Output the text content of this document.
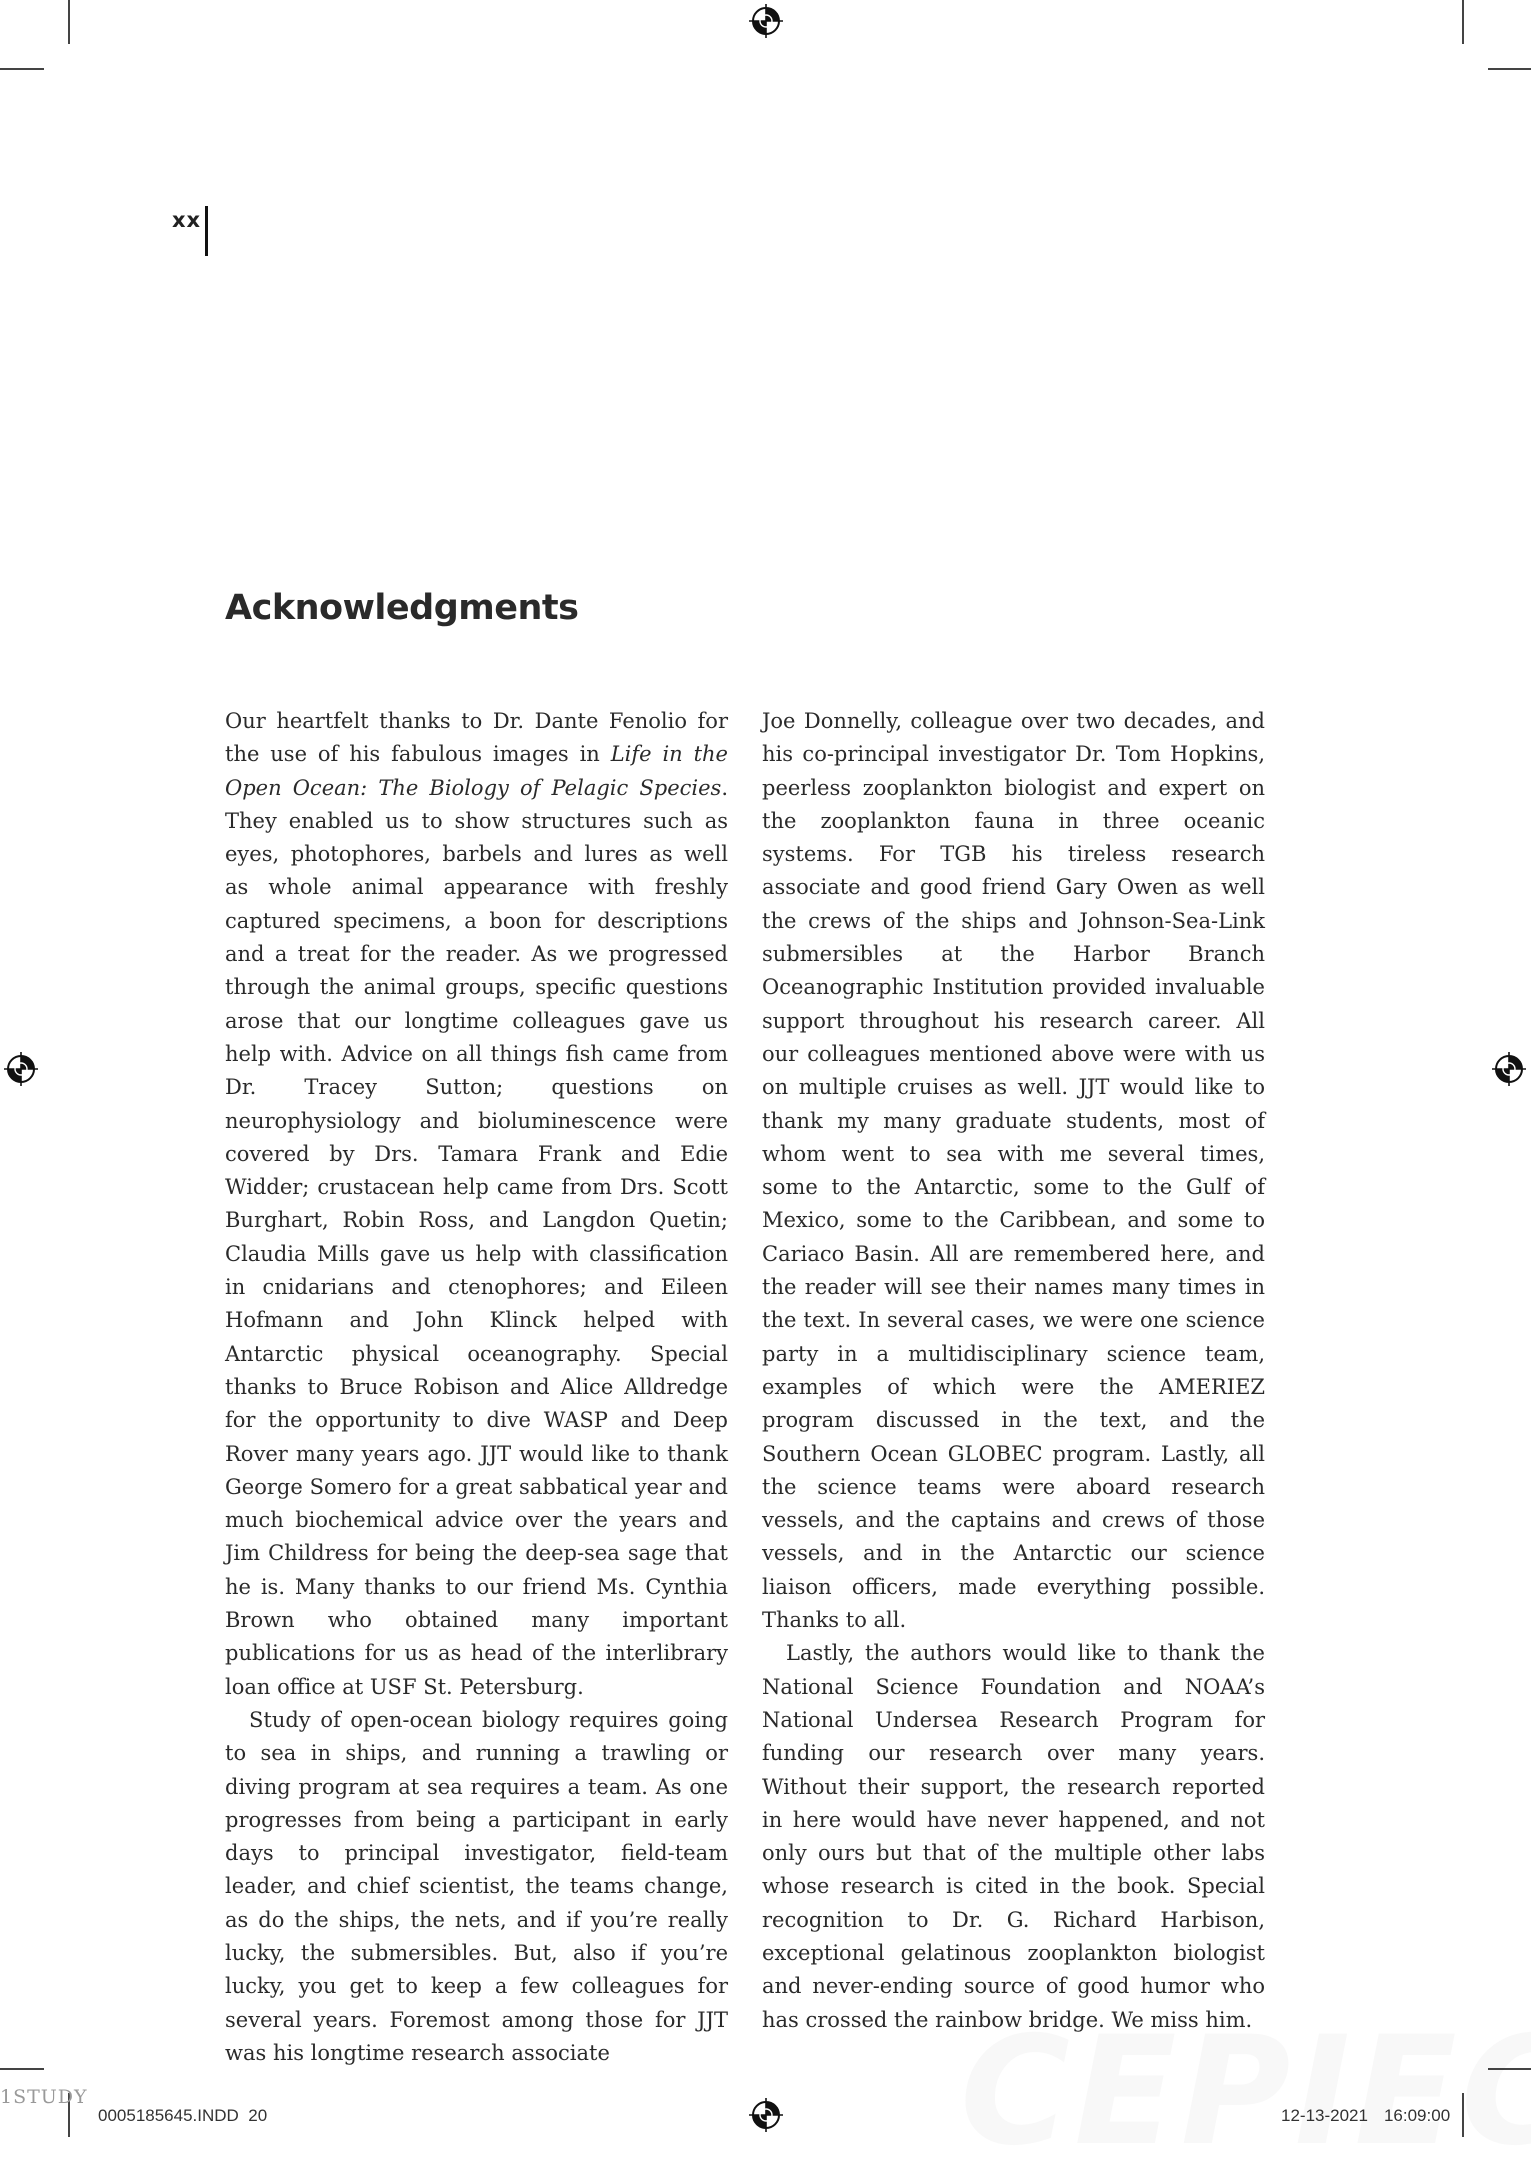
xx
Acknowledgments

Our heartfelt thanks to Dr. Dante Fenolio for the use of his fabulous images in Life in the Open Ocean: The Biology of Pelagic Species. They enabled us to show structures such as eyes, photophores, barbels and lures as well as whole animal appearance with freshly captured specimens, a boon for descriptions and a treat for the reader. As we progressed through the animal groups, specific questions arose that our longtime colleagues gave us help with. Advice on all things fish came from Dr. Tracey Sutton; questions on neurophysiology and bioluminescence were covered by Drs. Tamara Frank and Edie Widder; crustacean help came from Drs. Scott Burghart, Robin Ross, and Langdon Quetin; Claudia Mills gave us help with classification in cnidarians and ctenophores; and Eileen Hofmann and John Klinck helped with Antarctic physical oceanography. Special thanks to Bruce Robison and Alice Alldredge for the opportunity to dive WASP and Deep Rover many years ago. JJT would like to thank George Somero for a great sabbatical year and much biochemical advice over the years and Jim Childress for being the deep-sea sage that he is. Many thanks to our friend Ms. Cynthia Brown who obtained many important publications for us as head of the interlibrary loan office at USF St. Petersburg.

Study of open-ocean biology requires going to sea in ships, and running a trawling or diving program at sea requires a team. As one progresses from being a participant in early days to principal investigator, field-team leader, and chief scientist, the teams change, as do the ships, the nets, and if you’re really lucky, the submersibles. But, also if you’re lucky, you get to keep a few colleagues for several years. Foremost among those for JJT was his longtime research associate

Joe Donnelly, colleague over two decades, and his co-principal investigator Dr. Tom Hopkins, peerless zooplankton biologist and expert on the zooplankton fauna in three oceanic systems. For TGB his tireless research associate and good friend Gary Owen as well the crews of the ships and Johnson-Sea-Link submersibles at the Harbor Branch Oceanographic Institution provided invaluable support throughout his research career. All our colleagues mentioned above were with us on multiple cruises as well. JJT would like to thank my many graduate students, most of whom went to sea with me several times, some to the Antarctic, some to the Gulf of Mexico, some to the Caribbean, and some to Cariaco Basin. All are remembered here, and the reader will see their names many times in the text. In several cases, we were one science party in a multidisciplinary science team, examples of which were the AMERIEZ program discussed in the text, and the Southern Ocean GLOBEC program. Lastly, all the science teams were aboard research vessels, and the captains and crews of those vessels, and in the Antarctic our science liaison officers, made everything possible. Thanks to all.

Lastly, the authors would like to thank the National Science Foundation and NOAA’s National Undersea Research Program for funding our research over many years. Without their support, the research reported in here would have never happened, and not only ours but that of the multiple other labs whose research is cited in the book. Special recognition to Dr. G. Richard Harbison, exceptional gelatinous zooplankton biologist and never-ending source of good humor who has crossed the rainbow bridge. We miss him.

1STUDY
0005185645.INDD  20	12-13-2021 16:09:00
